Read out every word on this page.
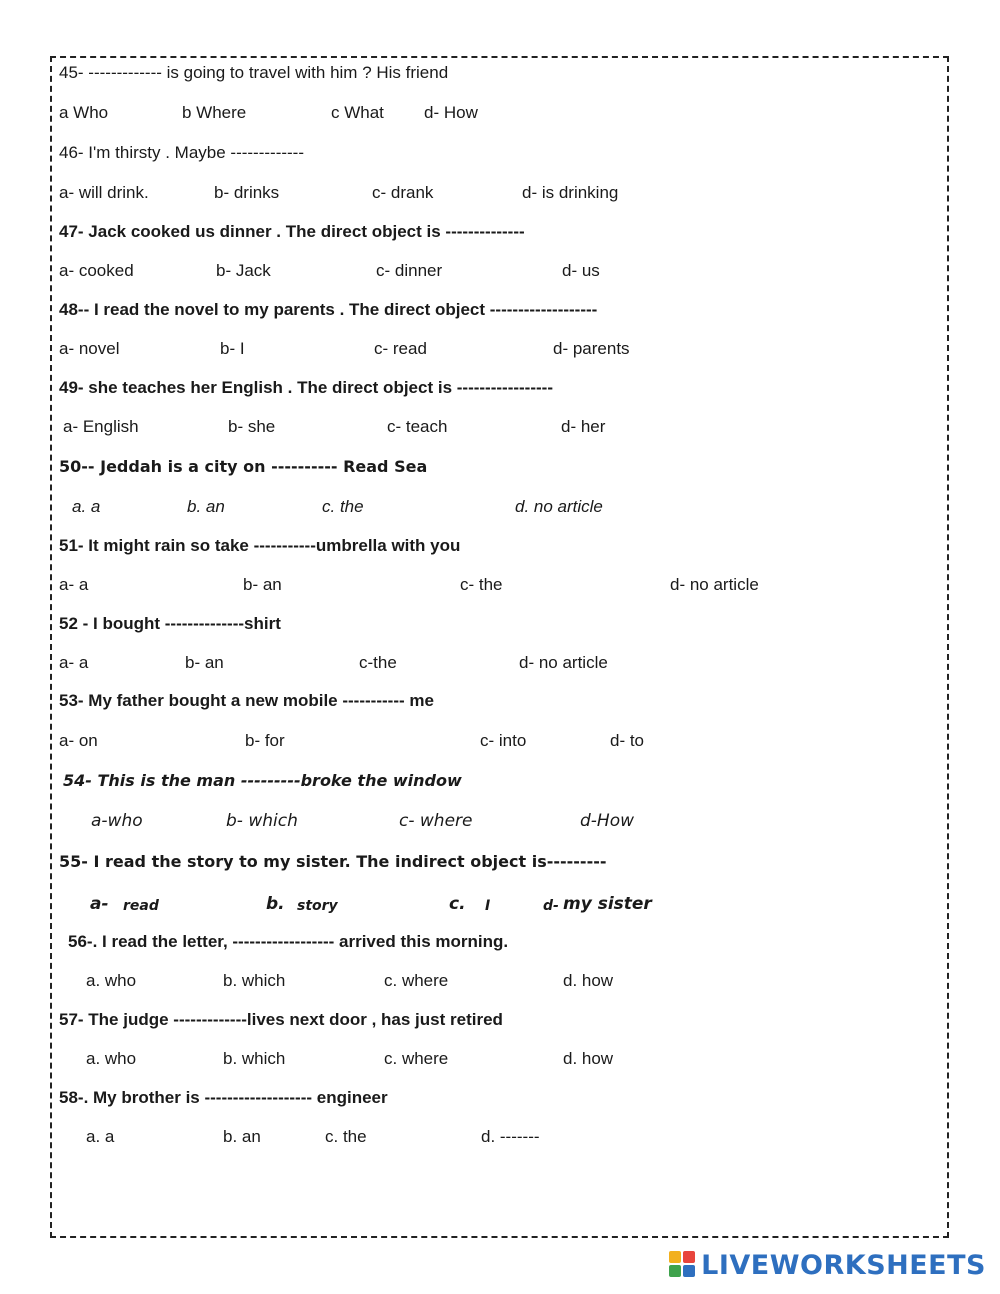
45- ------------- is going to travel with him ? His friend
a Who	b Where	c What d- How
46- I'm thirsty . Maybe -------------
a- will drink.	b- drinks	c- drank	d- is drinking
47- Jack cooked us dinner . The direct object is --------------
a- cooked	b- Jack	c- dinner	d- us
48-- I read the novel to my parents . The direct object -------------------
a- novel	b- I	c- read	d- parents
49- she teaches her English . The direct object is -----------------
a- English	b- she	c- teach	d- her
50-- Jeddah is a city on ---------- Read Sea
a. a	b. an	c. the	d. no article
51- It might rain so take -----------umbrella with you
a- a	b- an	c- the	d- no article
52 - I bought --------------shirt
a- a	b- an	c-the	d- no article
53- My father bought a new mobile ----------- me
a- on	b- for	c- into	d- to
54- This is the man ---------broke the window
a-who	b- which	c- where	d-How
55- I read the story to my sister. The indirect object is---------
a- read	b. story	c. I	d- my sister
56-. I read the letter, ------------------ arrived this morning.
a. who	b. which	c. where	d. how
57- The judge -------------lives next door , has just retired
a. who	b. which	c. where	d. how
58-. My brother is ------------------- engineer
a. a	b. an	c. the	d. -------
LIVEWORKSHEETS
